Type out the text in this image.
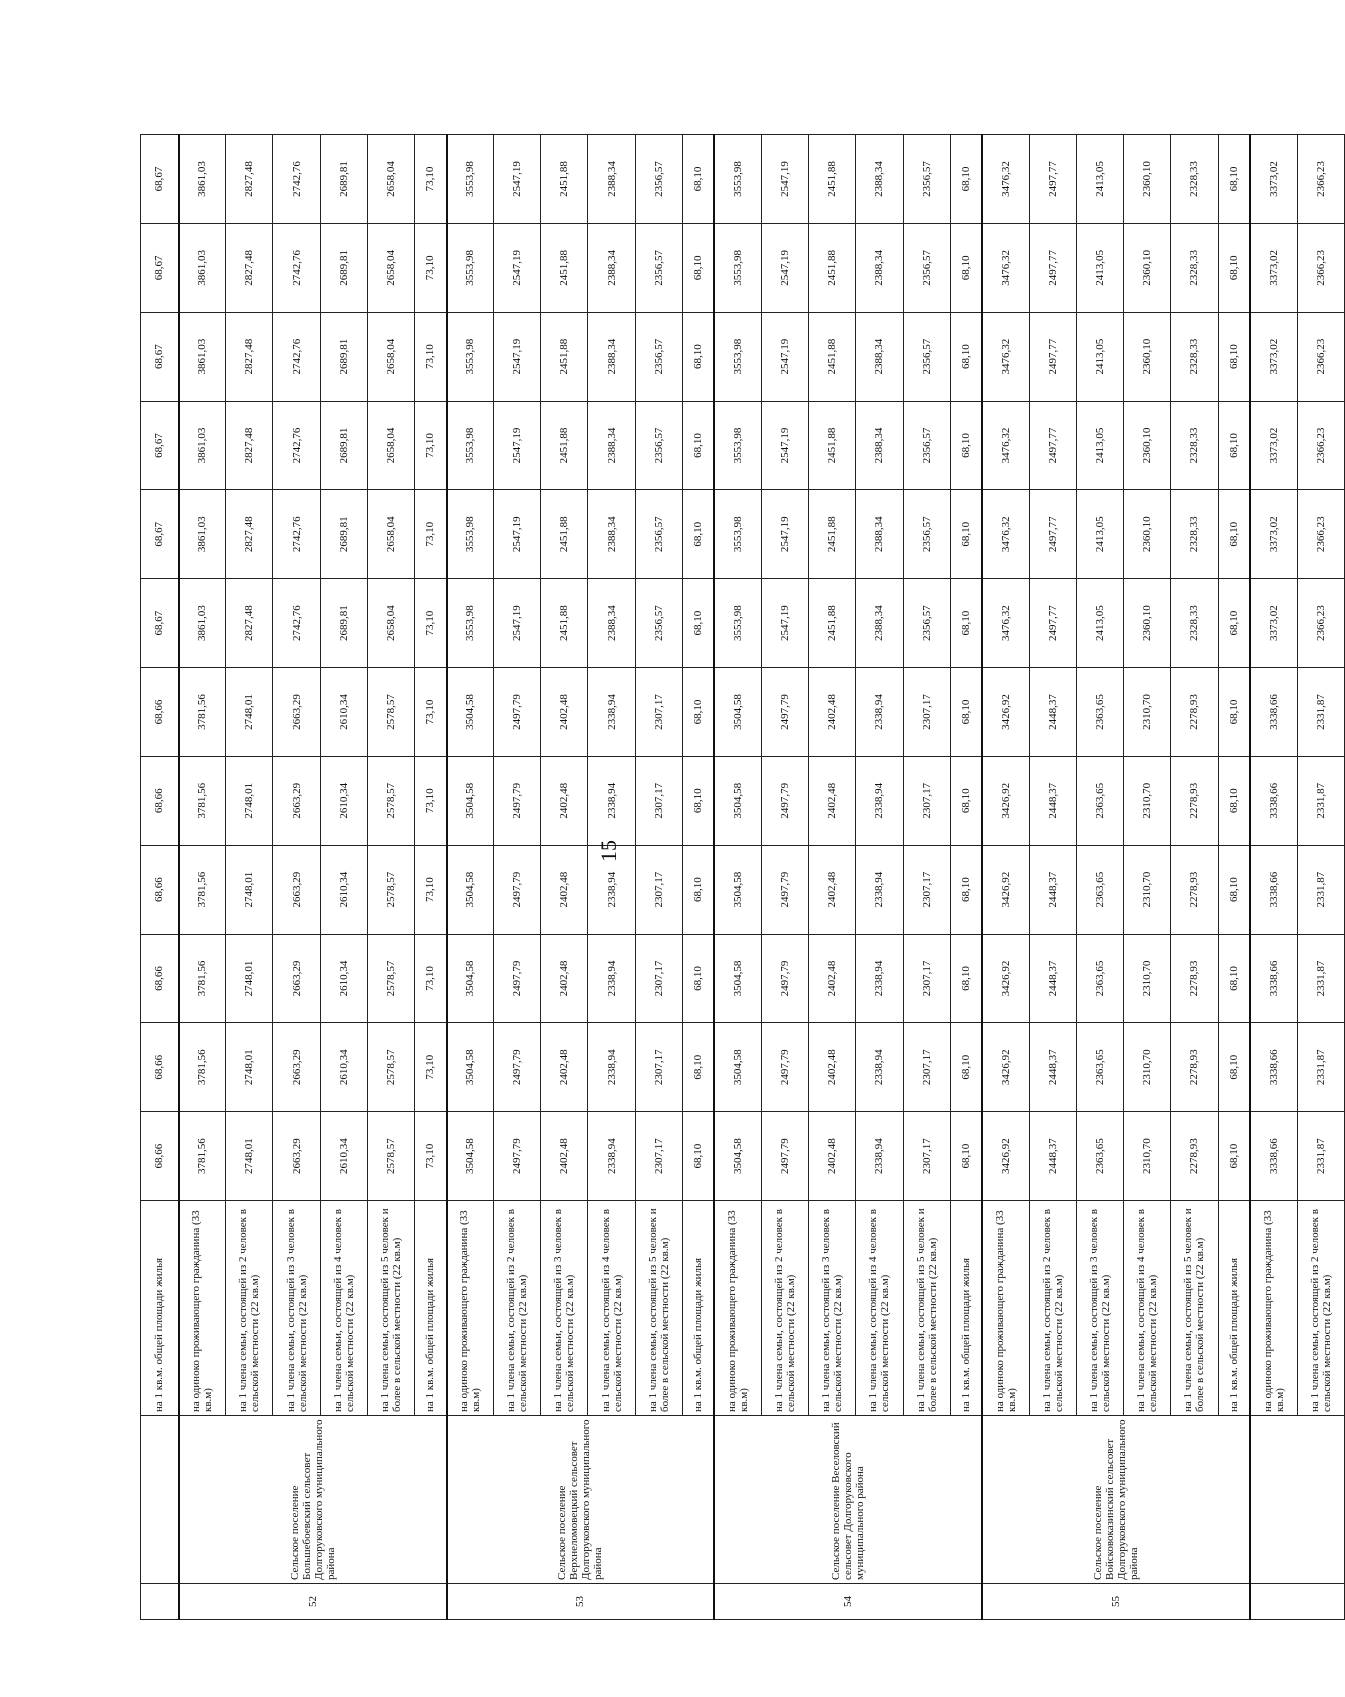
		на 1 кв.м. общей площади жилья	68,66	68,66	68,66	68,66	68,66	68,66	68,67	68,67	68,67	68,67	68,67	68,67
52	Сельское поселение Большебоевский сельсовет Долгоруковского муниципального района	на одиноко проживающего гражданина (33 кв.м)	3781,56	3781,56	3781,56	3781,56	3781,56	3781,56	3861,03	3861,03	3861,03	3861,03	3861,03	3861,03
		на 1 члена семьи, состоящей из 2 человек в сельской местности (22 кв.м)	2748,01	2748,01	2748,01	2748,01	2748,01	2748,01	2827,48	2827,48	2827,48	2827,48	2827,48	2827,48
		на 1 члена семьи, состоящей из 3 человек в сельской местности (22 кв.м)	2663,29	2663,29	2663,29	2663,29	2663,29	2663,29	2742,76	2742,76	2742,76	2742,76	2742,76	2742,76
		на 1 члена семьи, состоящей из 4 человек в сельской местности (22 кв.м)	2610,34	2610,34	2610,34	2610,34	2610,34	2610,34	2689,81	2689,81	2689,81	2689,81	2689,81	2689,81
		на 1 члена семьи, состоящей из 5 человек и более в сельской местности (22 кв.м)	2578,57	2578,57	2578,57	2578,57	2578,57	2578,57	2658,04	2658,04	2658,04	2658,04	2658,04	2658,04
		на 1 кв.м. общей площади жилья	73,10	73,10	73,10	73,10	73,10	73,10	73,10	73,10	73,10	73,10	73,10	73,10
53	Сельское поселение Верхнеломовецкий сельсовет Долгоруковского муниципального района	на одиноко проживающего гражданина (33 кв.м)	3504,58	3504,58	3504,58	3504,58	3504,58	3504,58	3553,98	3553,98	3553,98	3553,98	3553,98	3553,98
		на 1 члена семьи, состоящей из 2 человек в сельской местности (22 кв.м)	2497,79	2497,79	2497,79	2497,79	2497,79	2497,79	2547,19	2547,19	2547,19	2547,19	2547,19	2547,19
		на 1 члена семьи, состоящей из 3 человек в сельской местности (22 кв.м)	2402,48	2402,48	2402,48	2402,48	2402,48	2402,48	2451,88	2451,88	2451,88	2451,88	2451,88	2451,88
		на 1 члена семьи, состоящей из 4 человек в сельской местности (22 кв.м)	2338,94	2338,94	2338,94	2338,94	2338,94	2338,94	2388,34	2388,34	2388,34	2388,34	2388,34	2388,34
		на 1 члена семьи, состоящей из 5 человек и более в сельской местности (22 кв.м)	2307,17	2307,17	2307,17	2307,17	2307,17	2307,17	2356,57	2356,57	2356,57	2356,57	2356,57	2356,57
		на 1 кв.м. общей площади жилья	68,10	68,10	68,10	68,10	68,10	68,10	68,10	68,10	68,10	68,10	68,10	68,10
54	Сельское поселение Веселовский сельсовет Долгоруковского муниципального района	на одиноко проживающего гражданина (33 кв.м)	3504,58	3504,58	3504,58	3504,58	3504,58	3504,58	3553,98	3553,98	3553,98	3553,98	3553,98	3553,98
		на 1 члена семьи, состоящей из 2 человек в сельской местности (22 кв.м)	2497,79	2497,79	2497,79	2497,79	2497,79	2497,79	2547,19	2547,19	2547,19	2547,19	2547,19	2547,19
		на 1 члена семьи, состоящей из 3 человек в сельской местности (22 кв.м)	2402,48	2402,48	2402,48	2402,48	2402,48	2402,48	2451,88	2451,88	2451,88	2451,88	2451,88	2451,88
		на 1 члена семьи, состоящей из 4 человек в сельской местности (22 кв.м)	2338,94	2338,94	2338,94	2338,94	2338,94	2338,94	2388,34	2388,34	2388,34	2388,34	2388,34	2388,34
		на 1 члена семьи, состоящей из 5 человек и более в сельской местности (22 кв.м)	2307,17	2307,17	2307,17	2307,17	2307,17	2307,17	2356,57	2356,57	2356,57	2356,57	2356,57	2356,57
		на 1 кв.м. общей площади жилья	68,10	68,10	68,10	68,10	68,10	68,10	68,10	68,10	68,10	68,10	68,10	68,10
55	Сельское поселение Войсковоказинский сельсовет Долгоруковского муниципального района	на одиноко проживающего гражданина (33 кв.м)	3426,92	3426,92	3426,92	3426,92	3426,92	3426,92	3476,32	3476,32	3476,32	3476,32	3476,32	3476,32
		на 1 члена семьи, состоящей из 2 человек в сельской местности (22 кв.м)	2448,37	2448,37	2448,37	2448,37	2448,37	2448,37	2497,77	2497,77	2497,77	2497,77	2497,77	2497,77
		на 1 члена семьи, состоящей из 3 человек в сельской местности (22 кв.м)	2363,65	2363,65	2363,65	2363,65	2363,65	2363,65	2413,05	2413,05	2413,05	2413,05	2413,05	2413,05
		на 1 члена семьи, состоящей из 4 человек в сельской местности (22 кв.м)	2310,70	2310,70	2310,70	2310,70	2310,70	2310,70	2360,10	2360,10	2360,10	2360,10	2360,10	2360,10
		на 1 члена семьи, состоящей из 5 человек и более в сельской местности (22 кв.м)	2278,93	2278,93	2278,93	2278,93	2278,93	2278,93	2328,33	2328,33	2328,33	2328,33	2328,33	2328,33
		на 1 кв.м. общей площади жилья	68,10	68,10	68,10	68,10	68,10	68,10	68,10	68,10	68,10	68,10	68,10	68,10
		на одиноко проживающего гражданина (33 кв.м)	3338,66	3338,66	3338,66	3338,66	3338,66	3338,66	3373,02	3373,02	3373,02	3373,02	3373,02	3373,02
		на 1 члена семьи, состоящей из 2 человек в сельской местности (22 кв.м)	2331,87	2331,87	2331,87	2331,87	2331,87	2331,87	2366,23	2366,23	2366,23	2366,23	2366,23	2366,23
15
